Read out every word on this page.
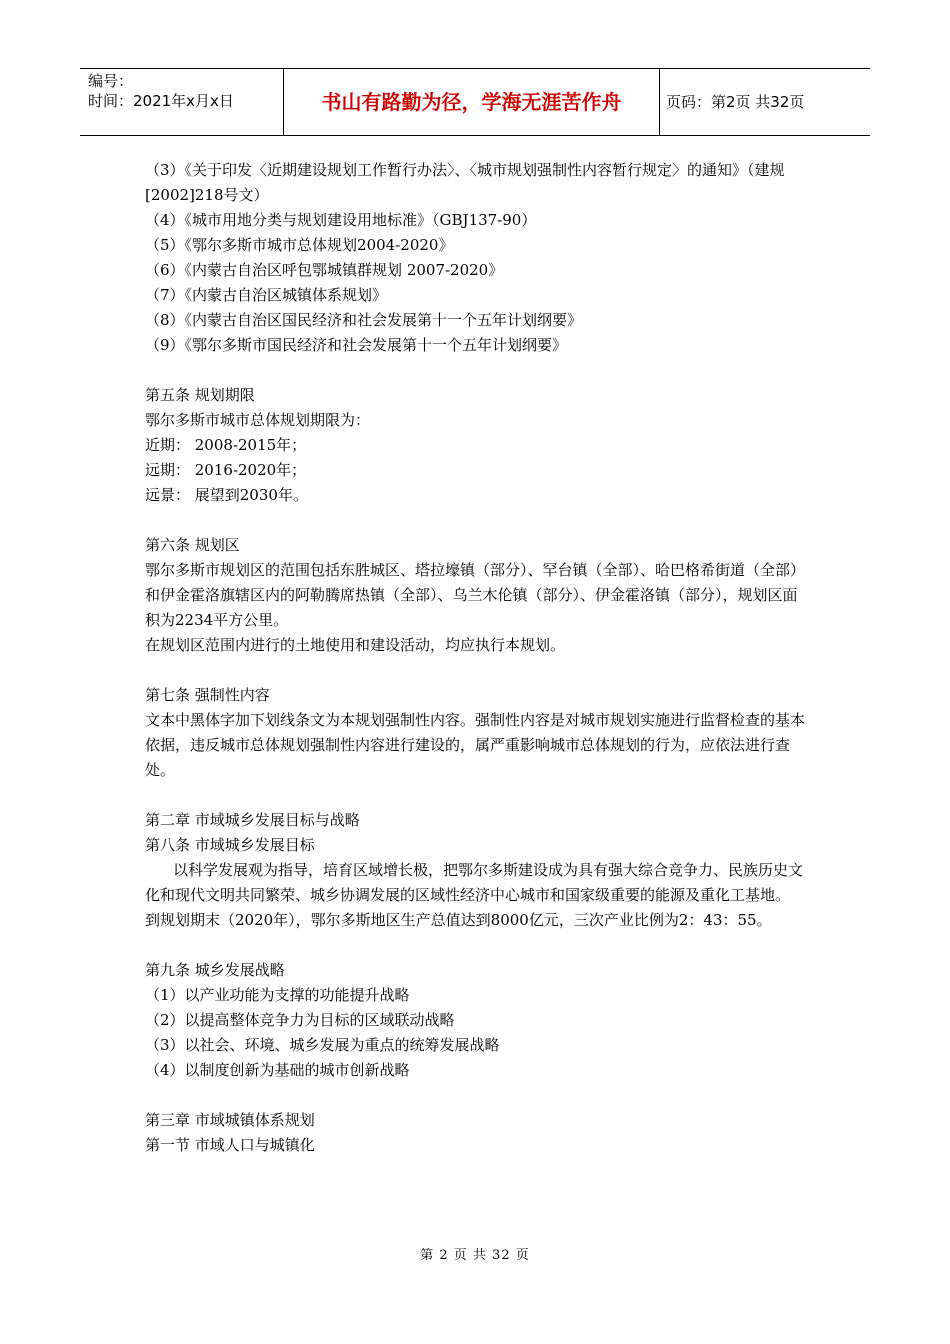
编号：
时间：2021年x月x日	书山有路勤为径，学海无涯苦作舟	页码：第2页 共32页

（3）《关于印发〈近期建设规划工作暂行办法〉、〈城市规划强制性内容暂行规定〉的通知》（建规[2002]218号文）

（4）《城市用地分类与规划建设用地标准》（GBJ137-90）

（5）《鄂尔多斯市城市总体规划2004-2020》

（6）《内蒙古自治区呼包鄂城镇群规划 2007-2020》

（7）《内蒙古自治区城镇体系规划》

（8）《内蒙古自治区国民经济和社会发展第十一个五年计划纲要》

（9）《鄂尔多斯市国民经济和社会发展第十一个五年计划纲要》

第五条 规划期限

鄂尔多斯市城市总体规划期限为：

近期： 2008-2015年；

远期： 2016-2020年；

远景： 展望到2030年。

第六条 规划区

鄂尔多斯市规划区的范围包括东胜城区、塔拉壕镇（部分）、罕台镇（全部）、哈巴格希街道（全部）和伊金霍洛旗辖区内的阿勒腾席热镇（全部）、乌兰木伦镇（部分）、伊金霍洛镇（部分），规划区面积为2234平方公里。

在规划区范围内进行的土地使用和建设活动，均应执行本规划。

第七条 强制性内容

文本中黑体字加下划线条文为本规划强制性内容。强制性内容是对城市规划实施进行监督检查的基本依据，违反城市总体规划强制性内容进行建设的，属严重影响城市总体规划的行为，应依法进行查处。

第二章 市域城乡发展目标与战略

第八条 市域城乡发展目标

以科学发展观为指导，培育区域增长极，把鄂尔多斯建设成为具有强大综合竞争力、民族历史文化和现代文明共同繁荣、城乡协调发展的区域性经济中心城市和国家级重要的能源及重化工基地。

到规划期末（2020年），鄂尔多斯地区生产总值达到8000亿元，三次产业比例为2：43：55。

第九条 城乡发展战略

（1）以产业功能为支撑的功能提升战略

（2）以提高整体竞争力为目标的区域联动战略

（3）以社会、环境、城乡发展为重点的统筹发展战略

（4）以制度创新为基础的城市创新战略

第三章 市域城镇体系规划

第一节 市域人口与城镇化

第 2 页 共 32 页
